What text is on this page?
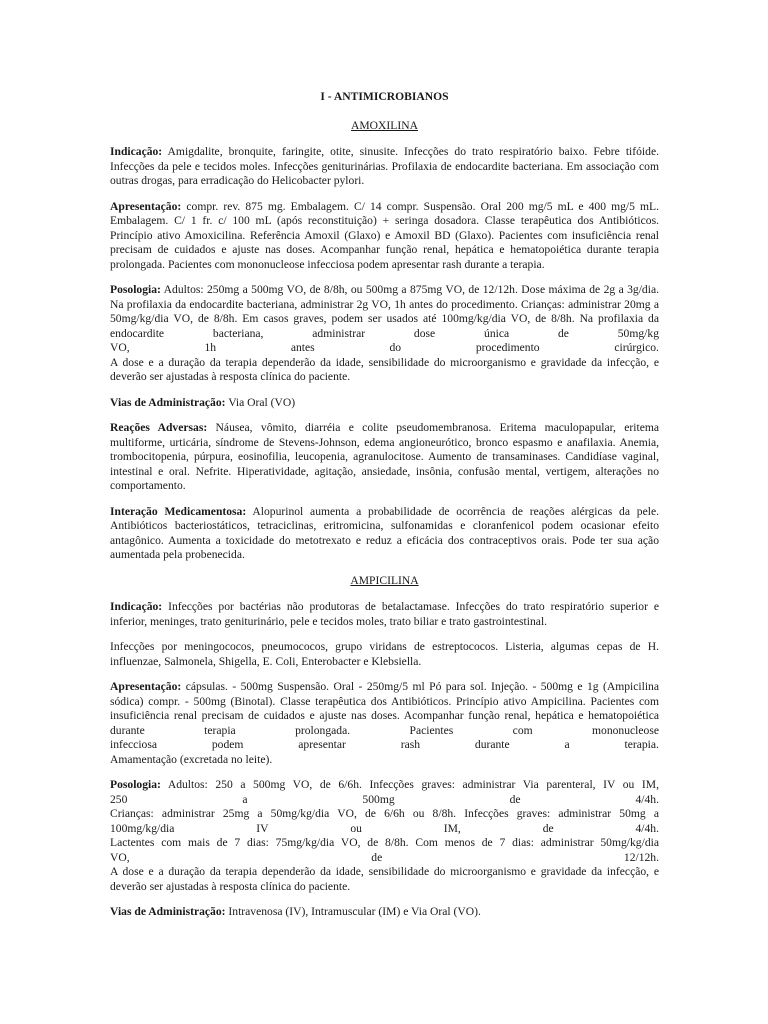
I - ANTIMICROBIANOS
AMOXILINA

Indicação: Amigdalite, bronquite, faringite, otite, sinusite. Infecções do trato respiratório baixo. Febre tifóide. Infecções da pele e tecidos moles. Infecções geniturinárias. Profilaxia de endocardite bacteriana. Em associação com outras drogas, para erradicação do Helicobacter pylori.

Apresentação: compr. rev. 875 mg. Embalagem. C/ 14 compr. Suspensão. Oral 200 mg/5 mL e 400 mg/5 mL. Embalagem. C/ 1 fr. c/ 100 mL (após reconstituição) + seringa dosadora. Classe terapêutica dos Antibióticos. Princípio ativo Amoxicilina. Referência Amoxil (Glaxo) e Amoxil BD (Glaxo). Pacientes com insuficiência renal precisam de cuidados e ajuste nas doses. Acompanhar função renal, hepática e hematopoiética durante terapia prolongada. Pacientes com mononucleose infecciosa podem apresentar rash durante a terapia.

Posologia: Adultos: 250mg a 500mg VO, de 8/8h, ou 500mg a 875mg VO, de 12/12h. Dose máxima de 2g a 3g/dia. Na profilaxia da endocardite bacteriana, administrar 2g VO, 1h antes do procedimento. Crianças: administrar 20mg a 50mg/kg/dia VO, de 8/8h. Em casos graves, podem ser usados até 100mg/kg/dia VO, de 8/8h. Na profilaxia da endocardite bacteriana, administrar dose única de 50mg/kg
VO,	1h	antes	do	procedimento	cirúrgico.
A dose e a duração da terapia dependerão da idade, sensibilidade do microorganismo e gravidade da infecção, e deverão ser ajustadas à resposta clínica do paciente.

Vias de Administração: Via Oral (VO)

Reações Adversas: Náusea, vômito, diarréia e colite pseudomembranosa. Eritema maculopapular, eritema multiforme, urticária, síndrome de Stevens-Johnson, edema angioneurótico, bronco espasmo e anafilaxia. Anemia, trombocitopenia, púrpura, eosinofilia, leucopenia, agranulocitose. Aumento de transaminases. Candidíase vaginal, intestinal e oral. Nefrite. Hiperatividade, agitação, ansiedade, insônia, confusão mental, vertigem, alterações no comportamento.

Interação Medicamentosa: Alopurinol aumenta a probabilidade de ocorrência de reações alérgicas da pele. Antibióticos bacteriostáticos, tetraciclinas, eritromicina, sulfonamidas e cloranfenicol podem ocasionar efeito antagônico. Aumenta a toxicidade do metotrexato e reduz a eficácia dos contraceptivos orais. Pode ter sua ação aumentada pela probenecida.

AMPICILINA

Indicação: Infecções por bactérias não produtoras de betalactamase. Infecções do trato respiratório superior e inferior, meninges, trato geniturinário, pele e tecidos moles, trato biliar e trato gastrointestinal.

Infecções por meningococos, pneumococos, grupo viridans de estreptococos. Listeria, algumas cepas de H. influenzae, Salmonela, Shigella, E. Coli, Enterobacter e Klebsiella.

Apresentação: cápsulas. - 500mg Suspensão. Oral - 250mg/5 ml Pó para sol. Injeção. - 500mg e 1g (Ampicilina sódica) compr. - 500mg (Binotal). Classe terapêutica dos Antibióticos. Princípio ativo Ampicilina. Pacientes com insuficiência renal precisam de cuidados e ajuste nas doses. Acompanhar função renal, hepática e hematopoiética durante terapia prolongada. Pacientes com mononucleose
infecciosa	podem	apresentar	rash	durante	a	terapia.
Amamentação (excretada no leite).
Posologia: Adultos: 250 a 500mg VO, de 6/6h. Infecções graves: administrar Via parenteral, IV ou IM,
250	a	500mg	de	4/4h.
Crianças: administrar 25mg a 50mg/kg/dia VO, de 6/6h ou 8/8h. Infecções graves: administrar 50mg a
100mg/kg/dia	IV	ou	IM,	de	4/4h.
Lactentes com mais de 7 dias: 75mg/kg/dia VO, de 8/8h. Com menos de 7 dias: administrar 50mg/kg/dia
VO,	de	12/12h.
A dose e a duração da terapia dependerão da idade, sensibilidade do microorganismo e gravidade da infecção, e deverão ser ajustadas à resposta clínica do paciente.

Vias de Administração: Intravenosa (IV), Intramuscular (IM) e Via Oral (VO).
